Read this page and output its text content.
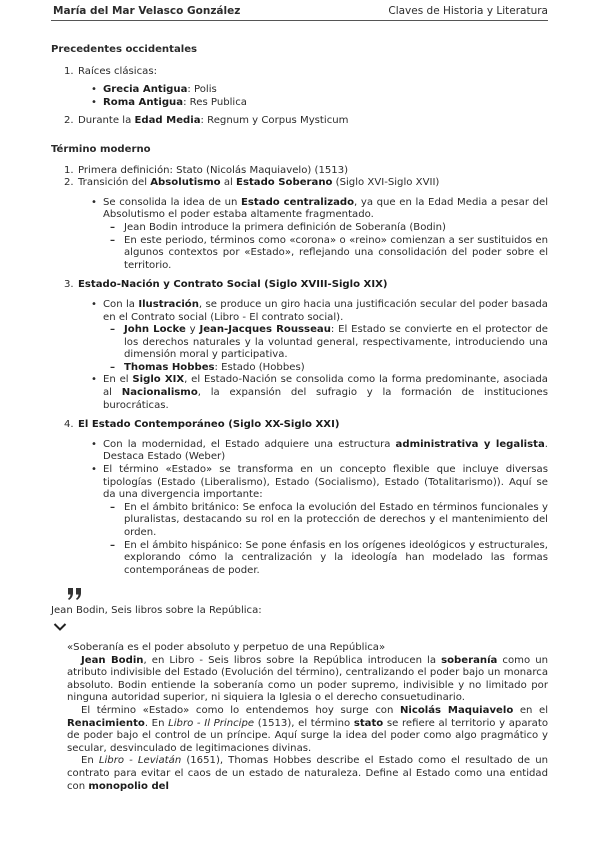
María del Mar Velasco González	Claves de Historia y Literatura

Precedentes occidentales

1. Raíces clásicas:
• Grecia Antigua: Polis
• Roma Antigua: Res Publica
2. Durante la Edad Media: Regnum y Corpus Mysticum

Término moderno

1. Primera definición: Stato (Nicolás Maquiavelo) (1513)
2. Transición del Absolutismo al Estado Soberano (Siglo XVI-Siglo XVII)
• Se consolida la idea de un Estado centralizado, ya que en la Edad Media a pesar del Absolutismo el poder estaba altamente fragmentado.
– Jean Bodin introduce la primera definición de Soberanía (Bodin)
– En este periodo, términos como «corona» o «reino» comienzan a ser sustituidos en algunos contextos por «Estado», reflejando una consolidación del poder sobre el territorio.
3. Estado-Nación y Contrato Social (Siglo XVIII-Siglo XIX)
• Con la Ilustración, se produce un giro hacia una justificación secular del poder basada en el Contrato social (Libro - El contrato social).
– John Locke y Jean-Jacques Rousseau: El Estado se convierte en el protector de los derechos naturales y la voluntad general, respectivamente, introduciendo una dimensión moral y participativa.
– Thomas Hobbes: Estado (Hobbes)
• En el Siglo XIX, el Estado-Nación se consolida como la forma predominante, asociada al Nacionalismo, la expansión del sufragio y la formación de instituciones burocráticas.
4. El Estado Contemporáneo (Siglo XX-Siglo XXI)
• Con la modernidad, el Estado adquiere una estructura administrativa y legalista. Destaca Estado (Weber)
• El término «Estado» se transforma en un concepto flexible que incluye diversas tipologías (Estado (Liberalismo), Estado (Socialismo), Estado (Totalitarismo)). Aquí se da una divergencia importante:
– En el ámbito británico: Se enfoca la evolución del Estado en términos funcionales y pluralistas, destacando su rol en la protección de derechos y el mantenimiento del orden.
– En el ámbito hispánico: Se pone énfasis en los orígenes ideológicos y estructurales, explorando cómo la centralización y la ideología han modelado las formas contemporáneas de poder.
Jean Bodin, Seis libros sobre la República:
«Soberanía es el poder absoluto y perpetuo de una República»
Jean Bodin, en Libro - Seis libros sobre la República introducen la soberanía como un atributo indivisible del Estado (Evolución del término), centralizando el poder bajo un monarca absoluto. Bodin entiende la soberanía como un poder supremo, indivisible y no limitado por ninguna autoridad superior, ni siquiera la Iglesia o el derecho consuetudinario.
El término «Estado» como lo entendemos hoy surge con Nicolás Maquiavelo en el Renacimiento. En Libro - Il Principe (1513), el término stato se refiere al territorio y aparato de poder bajo el control de un príncipe. Aquí surge la idea del poder como algo pragmático y secular, desvinculado de legitimaciones divinas.
En Libro - Leviatán (1651), Thomas Hobbes describe el Estado como el resultado de un contrato para evitar el caos de un estado de naturaleza. Define al Estado como una entidad con monopolio del
